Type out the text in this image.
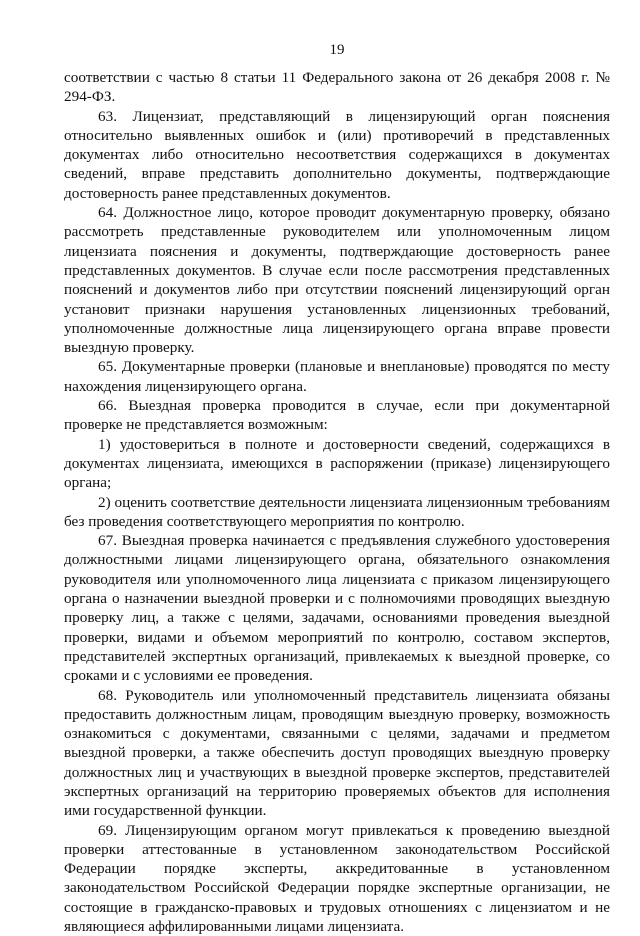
19

соответствии с частью 8 статьи 11 Федерального закона от 26 декабря 2008 г. № 294-ФЗ.

63. Лицензиат, представляющий в лицензирующий орган пояснения относительно выявленных ошибок и (или) противоречий в представленных документах либо относительно несоответствия содержащихся в документах сведений, вправе представить дополнительно документы, подтверждающие достоверность ранее представленных документов.

64. Должностное лицо, которое проводит документарную проверку, обязано рассмотреть представленные руководителем или уполномоченным лицом лицензиата пояснения и документы, подтверждающие достоверность ранее представленных документов. В случае если после рассмотрения представленных пояснений и документов либо при отсутствии пояснений лицензирующий орган установит признаки нарушения установленных лицензионных требований, уполномоченные должностные лица лицензирующего органа вправе провести выездную проверку.

65. Документарные проверки (плановые и внеплановые) проводятся по месту нахождения лицензирующего органа.

66. Выездная проверка проводится в случае, если при документарной проверке не представляется возможным:

1) удостовериться в полноте и достоверности сведений, содержащихся в документах лицензиата, имеющихся в распоряжении (приказе) лицензирующего органа;

2) оценить соответствие деятельности лицензиата лицензионным требованиям без проведения соответствующего мероприятия по контролю.

67. Выездная проверка начинается с предъявления служебного удостоверения должностными лицами лицензирующего органа, обязательного ознакомления руководителя или уполномоченного лица лицензиата с приказом лицензирующего органа о назначении выездной проверки и с полномочиями проводящих выездную проверку лиц, а также с целями, задачами, основаниями проведения выездной проверки, видами и объемом мероприятий по контролю, составом экспертов, представителей экспертных организаций, привлекаемых к выездной проверке, со сроками и с условиями ее проведения.

68. Руководитель или уполномоченный представитель лицензиата обязаны предоставить должностным лицам, проводящим выездную проверку, возможность ознакомиться с документами, связанными с целями, задачами и предметом выездной проверки, а также обеспечить доступ проводящих выездную проверку должностных лиц и участвующих в выездной проверке экспертов, представителей экспертных организаций на территорию проверяемых объектов для исполнения ими государственной функции.

69. Лицензирующим органом могут привлекаться к проведению выездной проверки аттестованные в установленном законодательством Российской Федерации порядке эксперты, аккредитованные в установленном законодательством Российской Федерации порядке экспертные организации, не состоящие в гражданско-правовых и трудовых отношениях с лицензиатом и не являющиеся аффилированными лицами лицензиата.
